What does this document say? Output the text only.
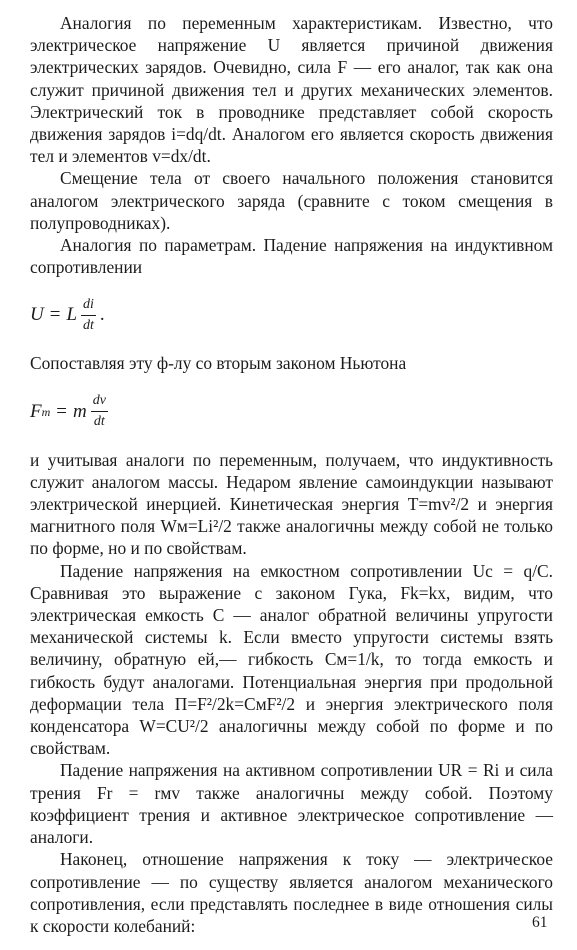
Аналогия по переменным характеристикам. Известно, что электрическое напряжение U является причиной движения электрических зарядов. Очевидно, сила F — его аналог, так как она служит причиной движения тел и других механических элементов. Электрический ток в проводнике представляет собой скорость движения зарядов i=dq/dt. Аналогом его является скорость движения тел и элементов v=dx/dt.

Смещение тела от своего начального положения становится аналогом электрического заряда (сравните с током смещения в полупроводниках).

Аналогия по параметрам. Падение напряжения на индуктивном сопротивлении

U = L $\frac{di}{dt}$ .

Сопоставляя эту ф-лу со вторым законом Ньютона

F m = m $\frac{dv}{dt}$

и учитывая аналоги по переменным, получаем, что индуктивность служит аналогом массы. Недаром явление самоиндукции называют электрической инерцией. Кинетическая энергия T=mv²/2 и энергия магнитного поля Wм=Li²/2 также аналогичны между собой не только по форме, но и по свойствам.

Падение напряжения на емкостном сопротивлении Uс = q/C. Сравнивая это выражение с законом Гука, Fk=kx, видим, что электрическая емкость C — аналог обратной величины упругости механической системы k. Если вместо упругости системы взять величину, обратную ей,— гибкость Cм=1/k, то тогда емкость и гибкость будут аналогами. Потенциальная энергия при продольной деформации тела П=F²/2k=CмF²/2 и энергия электрического поля конденсатора W=CU²/2 аналогичны между собой по форме и по свойствам.

Падение напряжения на активном сопротивлении UR = Ri и сила трения Fr = rмv также аналогичны между собой. Поэтому коэффициент трения и активное электрическое сопротивление — аналоги.

Наконец, отношение напряжения к току — электрическое сопротивление — по существу является аналогом механического сопротивления, если представлять последнее в виде отношения силы к скорости колебаний:	61
